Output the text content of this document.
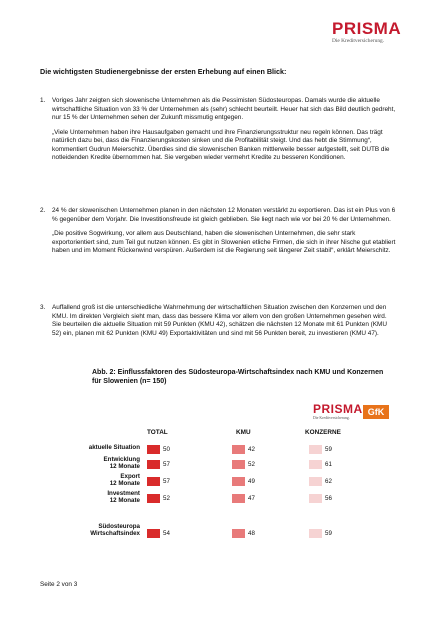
PRISMA
Die Kreditversicherung.
Die wichtigsten Studienergebnisse der ersten Erhebung auf einen Blick:
1. Voriges Jahr zeigten sich slowenische Unternehmen als die Pessimisten Südosteuropas. Damals wurde die aktuelle wirtschaftliche Situation von 33 % der Unternehmen als (sehr) schlecht beurteilt. Heuer hat sich das Bild deutlich gedreht, nur 15 % der Unternehmen sehen der Zukunft missmutig entgegen.

„Viele Unternehmen haben ihre Hausaufgaben gemacht und ihre Finanzierungsstruktur neu regeln können. Das trägt natürlich dazu bei, dass die Finanzierungskosten sinken und die Profitabilität steigt. Und das hebt die Stimmung“, kommentiert Gudrun Meierschitz. Überdies sind die slowenischen Banken mittlerweile besser aufgestellt, seit DUTB die notleidenden Kredite übernommen hat. Sie vergeben wieder vermehrt Kredite zu besseren Konditionen.

2. 24 % der slowenischen Unternehmen planen in den nächsten 12 Monaten verstärkt zu exportieren. Das ist ein Plus von 6 % gegenüber dem Vorjahr. Die Investitionsfreude ist gleich geblieben. Sie liegt nach wie vor bei 20 % der Unternehmen.

„Die positive Sogwirkung, vor allem aus Deutschland, haben die slowenischen Unternehmen, die sehr stark exportorientiert sind, zum Teil gut nutzen können. Es gibt in Slowenien etliche Firmen, die sich in ihrer Nische gut etabliert haben und im Moment Rückenwind verspüren. Außerdem ist die Regierung seit längerer Zeit stabil“, erklärt Meierschitz.

3. Auffallend groß ist die unterschiedliche Wahrnehmung der wirtschaftlichen Situation zwischen den Konzernen und den KMU. Im direkten Vergleich sieht man, dass das bessere Klima vor allem von den großen Unternehmen gesehen wird. Sie beurteilen die aktuelle Situation mit 59 Punkten (KMU 42), schätzen die nächsten 12 Monate mit 61 Punkten (KMU 52) ein, planen mit 62 Punkten (KMU 49) Exportaktivitäten und sind mit 56 Punkten bereit, zu investieren (KMU 47).

Abb. 2: Einflussfaktoren des Südosteuropa-Wirtschaftsindex nach KMU und Konzernen für Slowenien (n= 150)
PRISMA
Die Kreditversicherung.
GfK
TOTAL	KMU	KONZERNE
aktuelle Situation	50	42	59
Entwicklung
12 Monate	57	52	61
Export
12 Monate	57	49	62
Investment
12 Monate	52	47	56
Südosteuropa
Wirtschaftsindex	54	48	59
Seite 2 von 3
